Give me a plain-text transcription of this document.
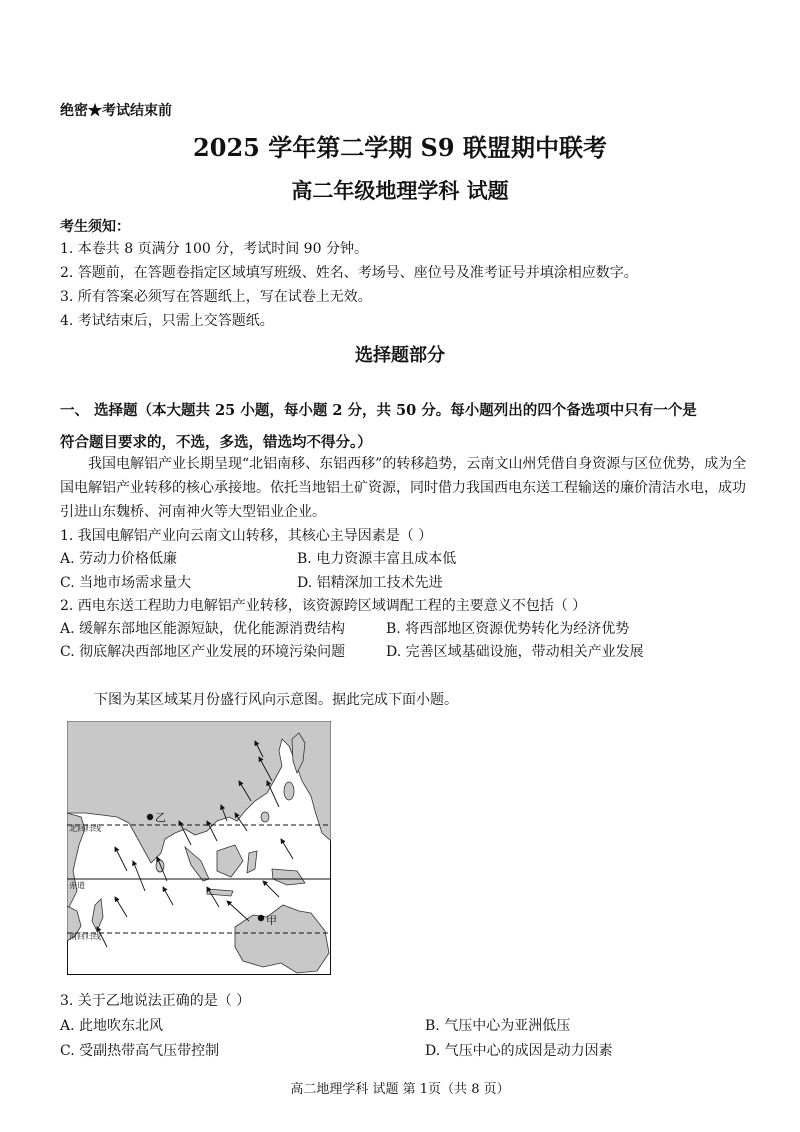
绝密★考试结束前
2025 学年第二学期 S9 联盟期中联考
高二年级地理学科 试题
考生须知：
1. 本卷共 8 页满分 100 分，考试时间 90 分钟。
2. 答题前，在答题卷指定区域填写班级、姓名、考场号、座位号及准考证号并填涂相应数字。
3. 所有答案必须写在答题纸上，写在试卷上无效。
4. 考试结束后，只需上交答题纸。
选择题部分
一、 选择题（本大题共 25 小题，每小题 2 分，共 50 分。每小题列出的四个备选项中只有一个是
符合题目要求的，不选，多选，错选均不得分。）
我国电解铝产业长期呈现“北铝南移、东铝西移”的转移趋势，云南文山州凭借自身资源与区位优势，成为全国电解铝产业转移的核心承接地。依托当地铝土矿资源，同时借力我国西电东送工程输送的廉价清洁水电，成功引进山东魏桥、河南神火等大型铝业企业。
1. 我国电解铝产业向云南文山转移，其核心主导因素是（ ）
A. 劳动力价格低廉	B. 电力资源丰富且成本低
C. 当地市场需求量大	D. 铝精深加工技术先进
2. 西电东送工程助力电解铝产业转移，该资源跨区域调配工程的主要意义不包括（ ）
A. 缓解东部地区能源短缺，优化能源消费结构	B. 将西部地区资源优势转化为经济优势
C. 彻底解决西部地区产业发展的环境污染问题	D. 完善区域基础设施，带动相关产业发展
下图为某区域某月份盛行风向示意图。据此完成下面小题。
北回归线
赤道
南回归线
乙
甲
3. 关于乙地说法正确的是（ ）
A. 此地吹东北风	B. 气压中心为亚洲低压
C. 受副热带高气压带控制	D. 气压中心的成因是动力因素
高二地理学科 试题 第 1页（共 8 页）
